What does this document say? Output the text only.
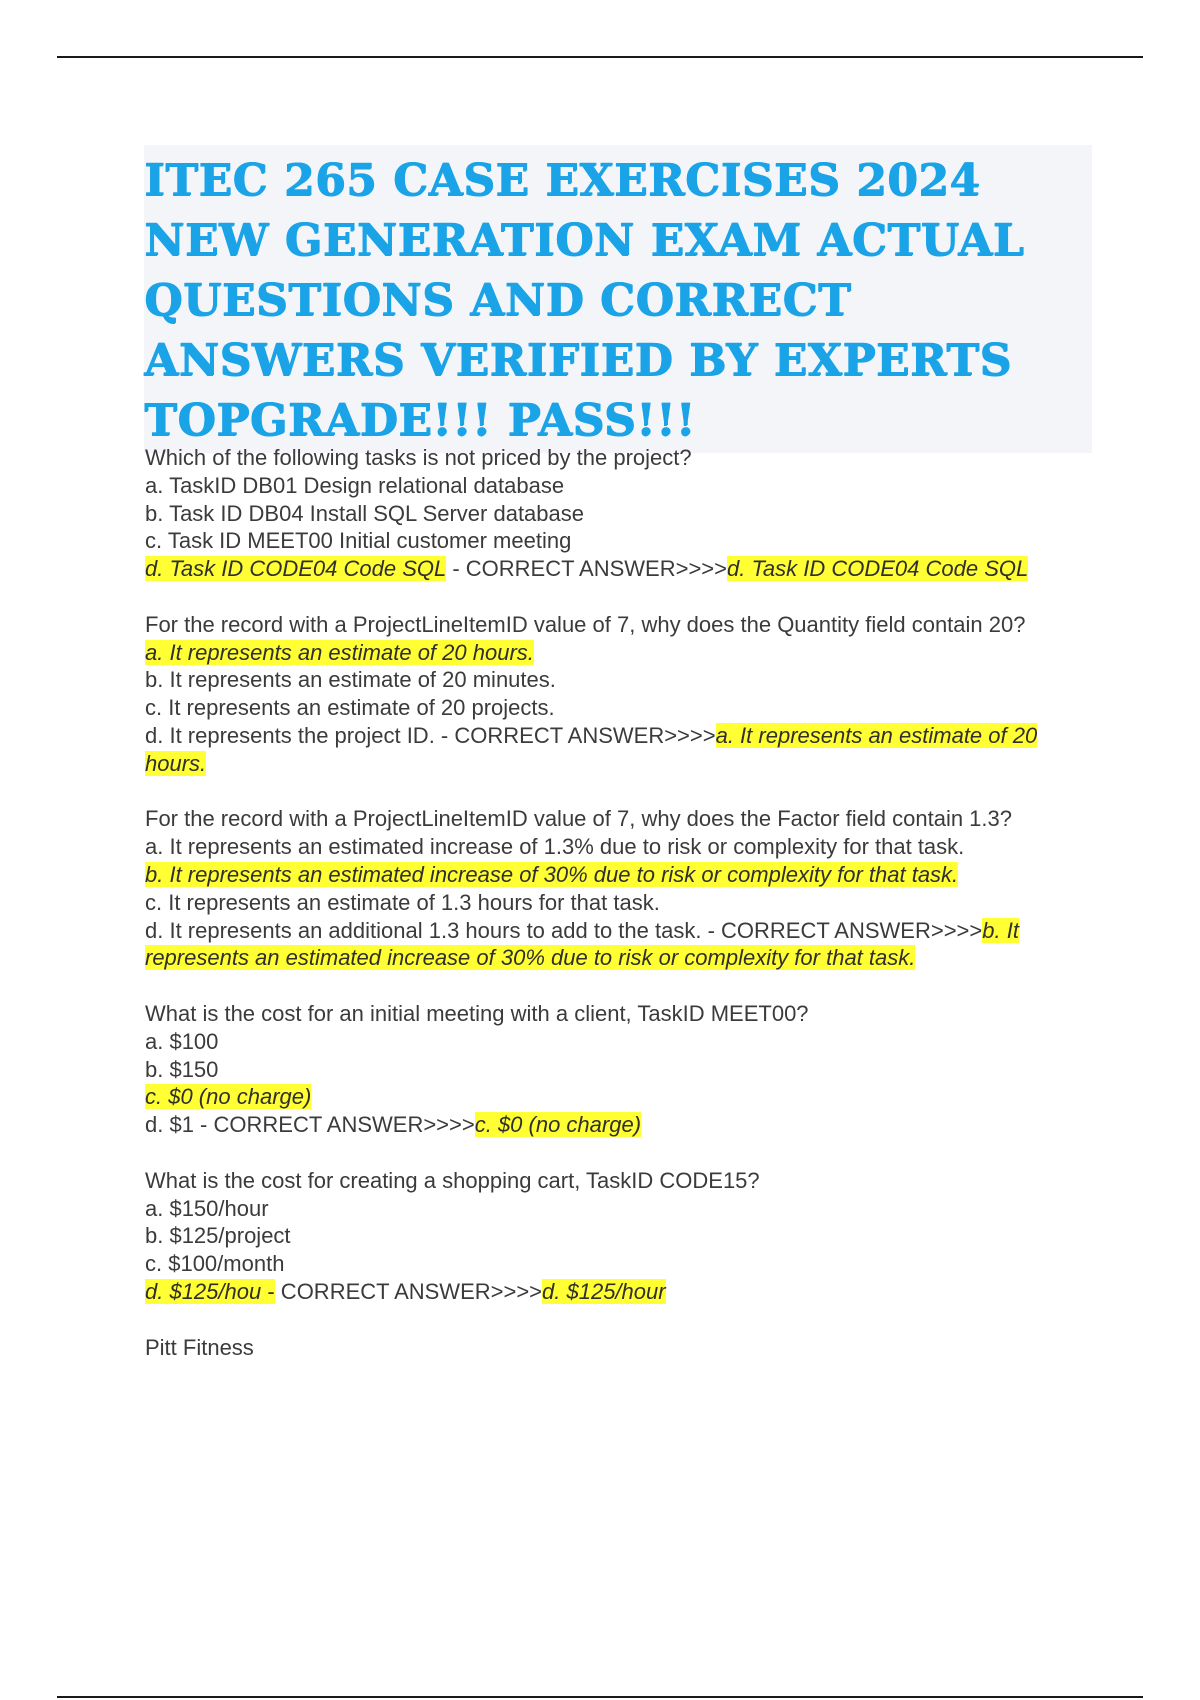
ITEC 265 CASE EXERCISES 2024 NEW GENERATION EXAM ACTUAL QUESTIONS AND CORRECT ANSWERS VERIFIED BY EXPERTS TOPGRADE!!! PASS!!!
Which of the following tasks is not priced by the project?
a. TaskID DB01 Design relational database
b. Task ID DB04 Install SQL Server database
c. Task ID MEET00 Initial customer meeting
d. Task ID CODE04 Code SQL - CORRECT ANSWER>>>>d. Task ID CODE04 Code SQL
For the record with a ProjectLineItemID value of 7, why does the Quantity field contain 20?
a. It represents an estimate of 20 hours.
b. It represents an estimate of 20 minutes.
c. It represents an estimate of 20 projects.
d. It represents the project ID. - CORRECT ANSWER>>>>a. It represents an estimate of 20 hours.
For the record with a ProjectLineItemID value of 7, why does the Factor field contain 1.3?
a. It represents an estimated increase of 1.3% due to risk or complexity for that task.
b. It represents an estimated increase of 30% due to risk or complexity for that task.
c. It represents an estimate of 1.3 hours for that task.
d. It represents an additional 1.3 hours to add to the task. - CORRECT ANSWER>>>>b. It represents an estimated increase of 30% due to risk or complexity for that task.
What is the cost for an initial meeting with a client, TaskID MEET00?
a. $100
b. $150
c. $0 (no charge)
d. $1 - CORRECT ANSWER>>>>c. $0 (no charge)
What is the cost for creating a shopping cart, TaskID CODE15?
a. $150/hour
b. $125/project
c. $100/month
d. $125/hou - CORRECT ANSWER>>>>d. $125/hour

Pitt Fitness
